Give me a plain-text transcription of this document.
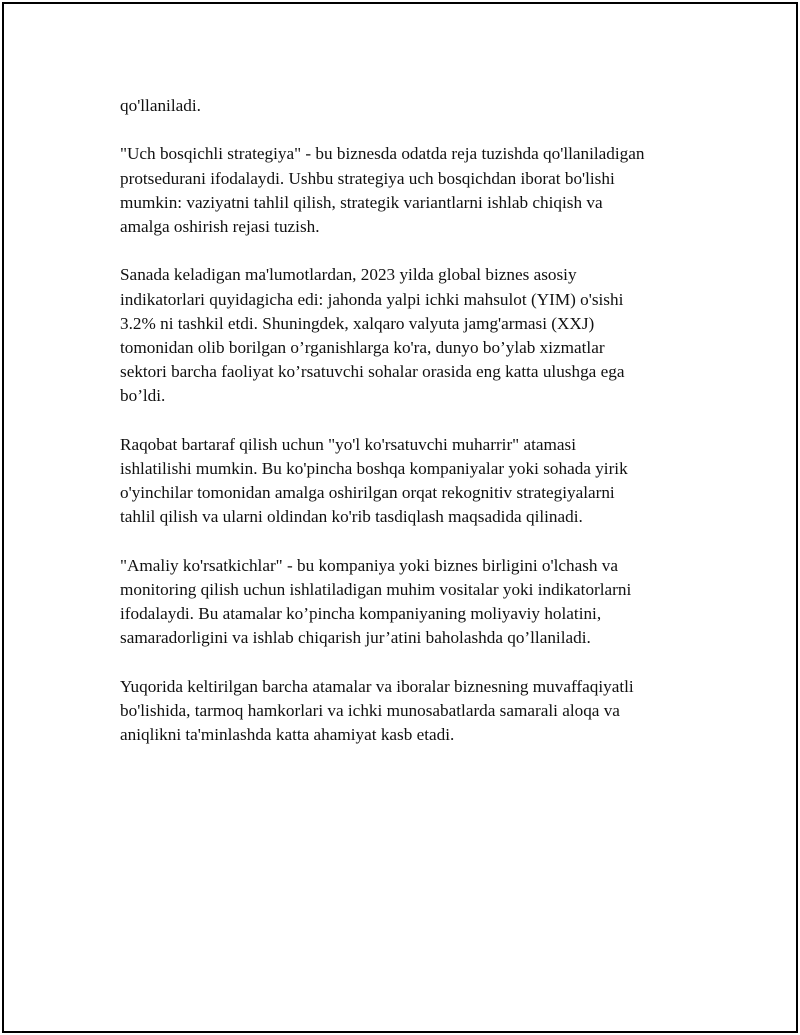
qo'llaniladi.

"Uch bosqichli strategiya" - bu biznesda odatda reja tuzishda qo'llaniladigan
protsedurani ifodalaydi. Ushbu strategiya uch bosqichdan iborat bo'lishi
mumkin: vaziyatni tahlil qilish, strategik variantlarni ishlab chiqish va
amalga oshirish rejasi tuzish.

Sanada keladigan ma'lumotlardan, 2023 yilda global biznes asosiy
indikatorlari quyidagicha edi: jahonda yalpi ichki mahsulot (YIM) o'sishi
3.2% ni tashkil etdi. Shuningdek, xalqaro valyuta jamg'armasi (XXJ)
tomonidan olib borilgan o’rganishlarga ko'ra, dunyo bo’ylab xizmatlar
sektori barcha faoliyat ko’rsatuvchi sohalar orasida eng katta ulushga ega
bo’ldi.

Raqobat bartaraf qilish uchun "yo'l ko'rsatuvchi muharrir" atamasi
ishlatilishi mumkin. Bu ko'pincha boshqa kompaniyalar yoki sohada yirik
o'yinchilar tomonidan amalga oshirilgan orqat rekognitiv strategiyalarni
tahlil qilish va ularni oldindan ko'rib tasdiqlash maqsadida qilinadi.

"Amaliy ko'rsatkichlar" - bu kompaniya yoki biznes birligini o'lchash va
monitoring qilish uchun ishlatiladigan muhim vositalar yoki indikatorlarni
ifodalaydi. Bu atamalar ko’pincha kompaniyaning moliyaviy holatini,
samaradorligini va ishlab chiqarish jur’atini baholashda qo’llaniladi.

Yuqorida keltirilgan barcha atamalar va iboralar biznesning muvaffaqiyatli
bo'lishida, tarmoq hamkorlari va ichki munosabatlarda samarali aloqa va
aniqlikni ta'minlashda katta ahamiyat kasb etadi.
